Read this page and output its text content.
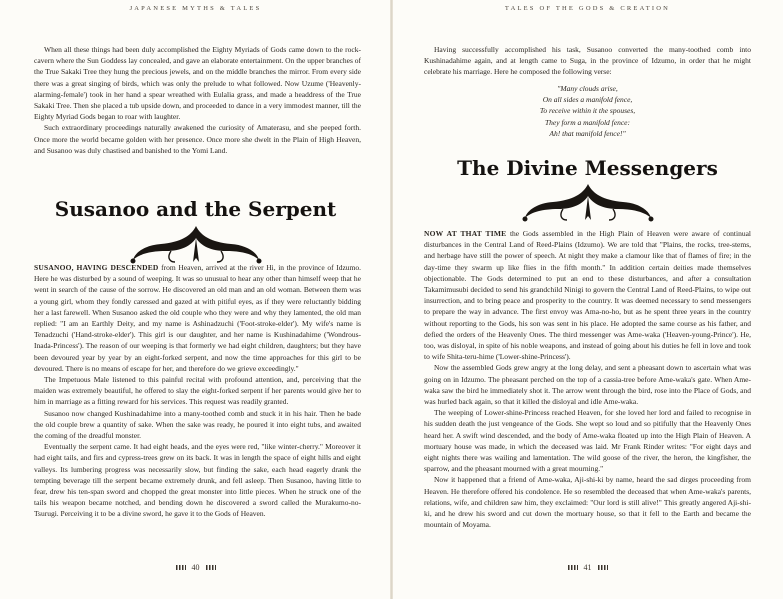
JAPANESE MYTHS & TALES

When all these things had been duly accomplished the Eighty Myriads of Gods came down to the rock-cavern where the Sun Goddess lay concealed, and gave an elaborate entertainment. On the upper branches of the True Sakaki Tree they hung the precious jewels, and on the middle branches the mirror. From every side there was a great singing of birds, which was only the prelude to what followed. Now Uzume ('Heavenly-alarming-female') took in her hand a spear wreathed with Eulalia grass, and made a headdress of the True Sakaki Tree. Then she placed a tub upside down, and proceeded to dance in a very immodest manner, till the Eighty Myriad Gods began to roar with laughter.

Such extraordinary proceedings naturally awakened the curiosity of Amaterasu, and she peeped forth. Once more the world became golden with her presence. Once more she dwelt in the Plain of High Heaven, and Susanoo was duly chastised and banished to the Yomi Land.

Susanoo and the Serpent

SUSANOO, HAVING DESCENDED from Heaven, arrived at the river Hi, in the province of Idzumo. Here he was disturbed by a sound of weeping. It was so unusual to hear any other than himself weep that he went in search of the cause of the sorrow. He discovered an old man and an old woman. Between them was a young girl, whom they fondly caressed and gazed at with pitiful eyes, as if they were reluctantly bidding her a last farewell. When Susanoo asked the old couple who they were and why they lamented, the old man replied: "I am an Earthly Deity, and my name is Ashinadzuchi ('Foot-stroke-elder'). My wife's name is Tenadzuchi ('Hand-stroke-elder'). This girl is our daughter, and her name is Kushinadahime ('Wondrous-Inada-Princess'). The reason of our weeping is that formerly we had eight children, daughters; but they have been devoured year by year by an eight-forked serpent, and now the time approaches for this girl to be devoured. There is no means of escape for her, and therefore do we grieve exceedingly."

The Impetuous Male listened to this painful recital with profound attention, and, perceiving that the maiden was extremely beautiful, he offered to slay the eight-forked serpent if her parents would give her to him in marriage as a fitting reward for his services. This request was readily granted.

Susanoo now changed Kushinadahime into a many-toothed comb and stuck it in his hair. Then he bade the old couple brew a quantity of sake. When the sake was ready, he poured it into eight tubs, and awaited the coming of the dreadful monster.

Eventually the serpent came. It had eight heads, and the eyes were red, "like winter-cherry." Moreover it had eight tails, and firs and cypress-trees grew on its back. It was in length the space of eight hills and eight valleys. Its lumbering progress was necessarily slow, but finding the sake, each head eagerly drank the tempting beverage till the serpent became extremely drunk, and fell asleep. Then Susanoo, having little to fear, drew his ten-span sword and chopped the great monster into little pieces. When he struck one of the tails his weapon became notched, and bending down he discovered a sword called the Murakumo-no-Tsurugi. Perceiving it to be a divine sword, he gave it to the Gods of Heaven.

40
TALES OF THE GODS & CREATION

Having successfully accomplished his task, Susanoo converted the many-toothed comb into Kushinadahime again, and at length came to Suga, in the province of Idzumo, in order that he might celebrate his marriage. Here he composed the following verse:

"Many clouds arise,
On all sides a manifold fence,
To receive within it the spouses,
They form a manifold fence:
Ah! that manifold fence!"
The Divine Messengers

NOW AT THAT TIME the Gods assembled in the High Plain of Heaven were aware of continual disturbances in the Central Land of Reed-Plains (Idzumo). We are told that "Plains, the rocks, tree-stems, and herbage have still the power of speech. At night they make a clamour like that of flames of fire; in the day-time they swarm up like flies in the fifth month." In addition certain deities made themselves objectionable. The Gods determined to put an end to these disturbances, and after a consultation Takamimusubi decided to send his grandchild Ninigi to govern the Central Land of Reed-Plains, to wipe out insurrection, and to bring peace and prosperity to the country. It was deemed necessary to send messengers to prepare the way in advance. The first envoy was Ama-no-ho, but as he spent three years in the country without reporting to the Gods, his son was sent in his place. He adopted the same course as his father, and defied the orders of the Heavenly Ones. The third messenger was Ame-waka ('Heaven-young-Prince'). He, too, was disloyal, in spite of his noble weapons, and instead of going about his duties he fell in love and took to wife Shita-teru-hime ('Lower-shine-Princess').

Now the assembled Gods grew angry at the long delay, and sent a pheasant down to ascertain what was going on in Idzumo. The pheasant perched on the top of a cassia-tree before Ame-waka's gate. When Ame-waka saw the bird he immediately shot it. The arrow went through the bird, rose into the Place of Gods, and was hurled back again, so that it killed the disloyal and idle Ame-waka.

The weeping of Lower-shine-Princess reached Heaven, for she loved her lord and failed to recognise in his sudden death the just vengeance of the Gods. She wept so loud and so pitifully that the Heavenly Ones heard her. A swift wind descended, and the body of Ame-waka floated up into the High Plain of Heaven. A mortuary house was made, in which the deceased was laid. Mr Frank Rinder writes: "For eight days and eight nights there was wailing and lamentation. The wild goose of the river, the heron, the kingfisher, the sparrow, and the pheasant mourned with a great mourning."

Now it happened that a friend of Ame-waka, Aji-shi-ki by name, heard the sad dirges proceeding from Heaven. He therefore offered his condolence. He so resembled the deceased that when Ame-waka's parents, relations, wife, and children saw him, they exclaimed: "Our lord is still alive!" This greatly angered Aji-shi-ki, and he drew his sword and cut down the mortuary house, so that it fell to the Earth and became the mountain of Moyama.

41
